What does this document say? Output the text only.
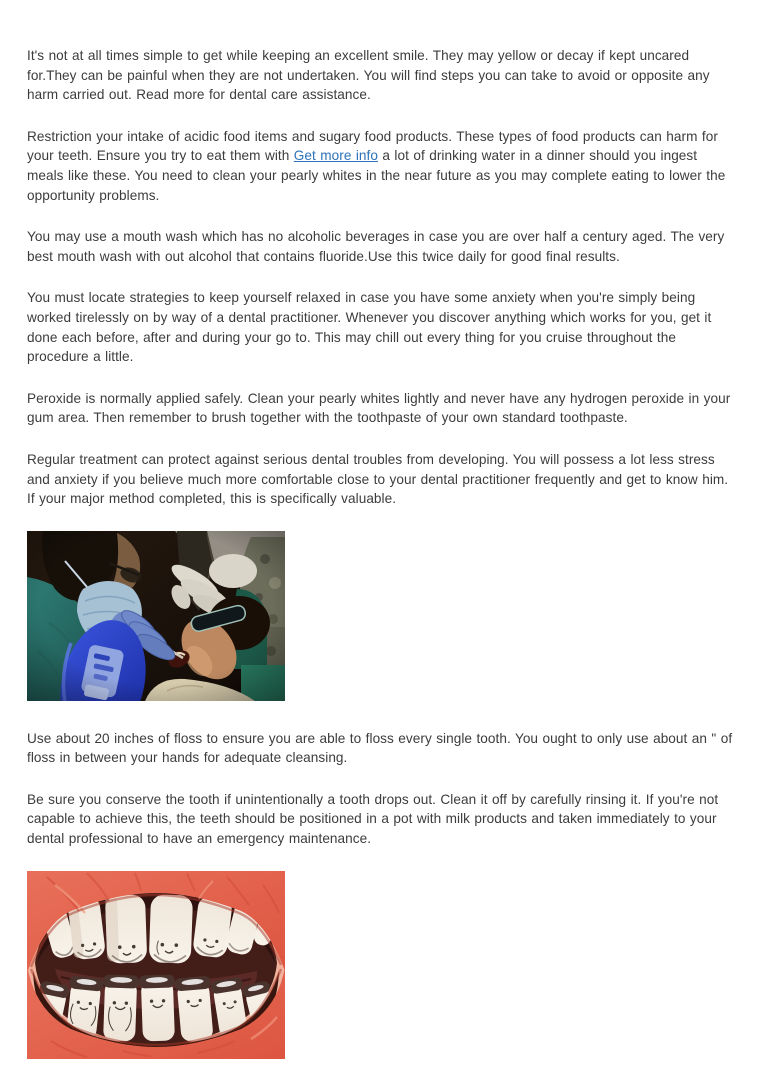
It's not at all times simple to get while keeping an excellent smile. They may yellow or decay if kept uncared for.They can be painful when they are not undertaken. You will find steps you can take to avoid or opposite any harm carried out. Read more for dental care assistance.

Restriction your intake of acidic food items and sugary food products. These types of food products can harm for your teeth. Ensure you try to eat them with Get more info a lot of drinking water in a dinner should you ingest meals like these. You need to clean your pearly whites in the near future as you may complete eating to lower the opportunity problems.

You may use a mouth wash which has no alcoholic beverages in case you are over half a century aged. The very best mouth wash with out alcohol that contains fluoride.Use this twice daily for good final results.

You must locate strategies to keep yourself relaxed in case you have some anxiety when you're simply being worked tirelessly on by way of a dental practitioner. Whenever you discover anything which works for you, get it done each before, after and during your go to. This may chill out every thing for you cruise throughout the procedure a little.

Peroxide is normally applied safely. Clean your pearly whites lightly and never have any hydrogen peroxide in your gum area. Then remember to brush together with the toothpaste of your own standard toothpaste.

Regular treatment can protect against serious dental troubles from developing. You will possess a lot less stress and anxiety if you believe much more comfortable close to your dental practitioner frequently and get to know him. If your major method completed, this is specifically valuable.

Use about 20 inches of floss to ensure you are able to floss every single tooth. You ought to only use about an " of floss in between your hands for adequate cleansing.

Be sure you conserve the tooth if unintentionally a tooth drops out. Clean it off by carefully rinsing it. If you're not capable to achieve this, the teeth should be positioned in a pot with milk products and taken immediately to your dental professional to have an emergency maintenance.
